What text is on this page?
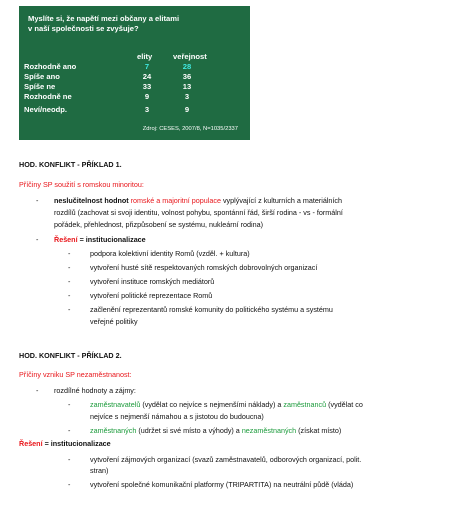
Myslíte si, že napětí mezi občany a elitami
v naší společnosti se zvyšuje?
elity	veřejnost
Rozhodně ano	7	28
Spíše ano	24	36
Spíše ne	33	13
Rozhodně ne	9	3
Neví/neodp.	3	9
Zdroj: CESES, 2007/8, N=1035/2337
HOD. KONFLIKT - PŘÍKLAD 1.
Příčiny SP soužití s romskou minoritou:
- neslučitelnost hodnot romské a majoritní populace vyplývající z kulturních a materiálních
rozdílů (zachovat si svoji identitu, volnost pohybu, spontánní řád, širší rodina - vs - formální
pořádek, přehlednost, přizpůsobení se systému, nukleární rodina)
- Řešení = institucionalizace
-	podpora kolektivní identity Romů (vzděl. + kultura)
-	vytvoření husté sítě respektovaných romských dobrovolných organizací
-	vytvoření instituce romských mediátorů
-	vytvoření politické reprezentace Romů
-	začlenění reprezentantů romské komunity do politického systému a systému
veřejné politiky
HOD. KONFLIKT - PŘÍKLAD 2.
Příčiny vzniku SP nezaměstnanost:
- rozdílné hodnoty a zájmy:
-	zaměstnavatelů (vydělat co nejvíce s nejmenšími náklady) a zaměstnanců (vydělat co
nejvíce s nejmenší námahou a s jistotou do budoucna)
-	zaměstnaných (udržet si své místo a výhody) a nezaměstnaných (získat místo)
Řešení = institucionalizace
-	vytvoření zájmových organizací (svazů zaměstnavatelů, odborových organizací, polit.
stran)
-	vytvoření společné komunikační platformy (TRIPARTITA) na neutrální půdě (vláda)
